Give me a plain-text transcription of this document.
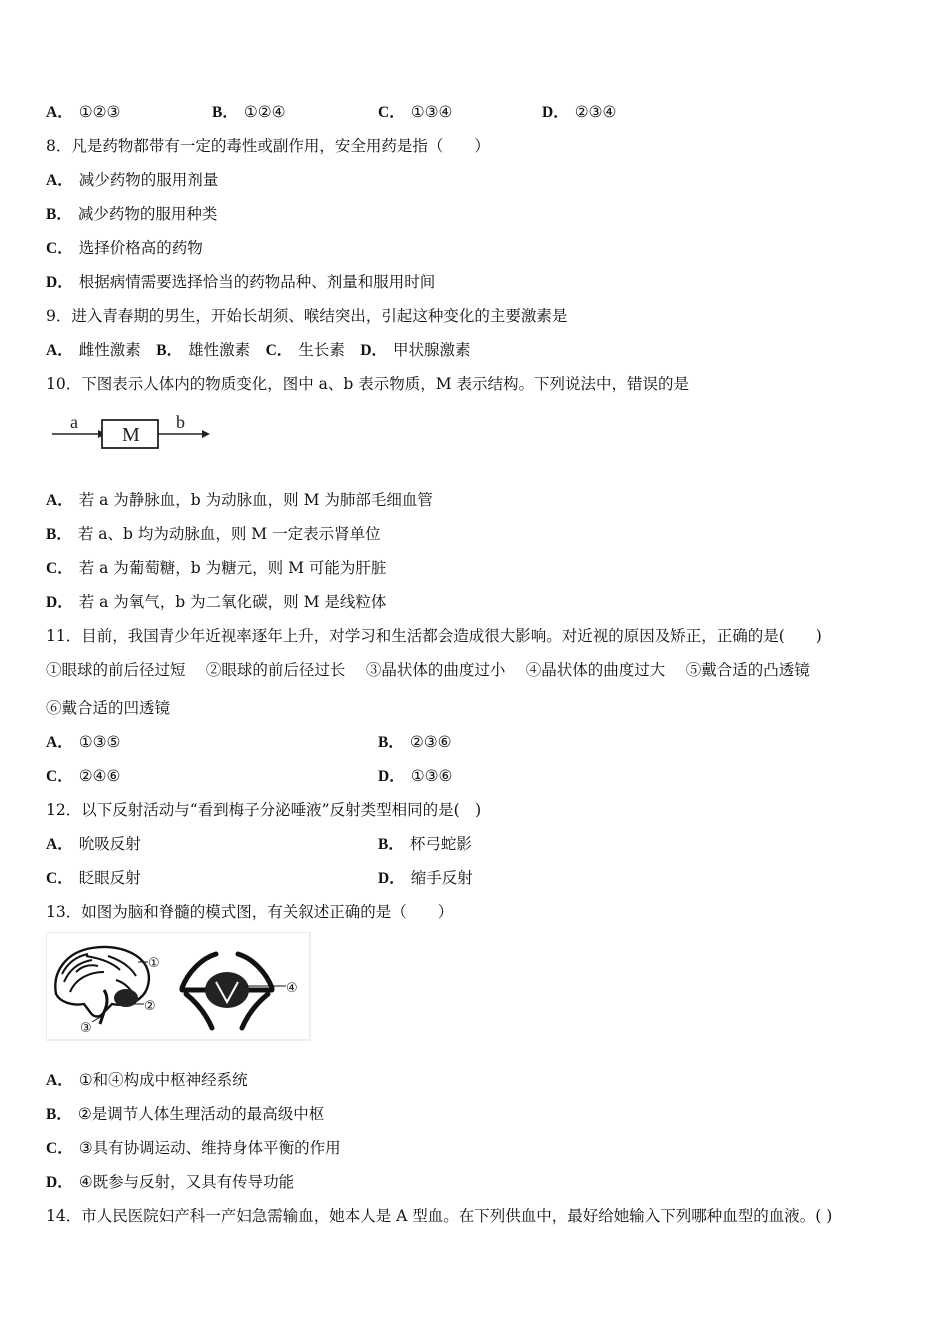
A． ①②③	B． ①②④	C． ①③④	D． ②③④
8．凡是药物都带有一定的毒性或副作用，安全用药是指（　　）
A． 减少药物的服用剂量
B． 减少药物的服用种类
C． 选择价格高的药物
D． 根据病情需要选择恰当的药物品种、剂量和服用时间
9．进入青春期的男生，开始长胡须、喉结突出，引起这种变化的主要激素是
A． 雌性激素　 B． 雄性激素　 C． 生长素　 D． 甲状腺激素
10．下图表示人体内的物质变化，图中 a、b 表示物质，M 表示结构。下列说法中，错误的是
a
M
b
A． 若 a 为静脉血，b 为动脉血，则 M 为肺部毛细血管
B． 若 a、b 均为动脉血，则 M 一定表示肾单位
C． 若 a 为葡萄糖，b 为糖元，则 M 可能为肝脏
D． 若 a 为氧气，b 为二氧化碳，则 M 是线粒体
11．目前，我国青少年近视率逐年上升，对学习和生活都会造成很大影响。对近视的原因及矫正，正确的是(　　)
①眼球的前后径过短　 ②眼球的前后径过长　 ③晶状体的曲度过小　 ④晶状体的曲度过大　 ⑤戴合适的凸透镜
⑥戴合适的凹透镜
A． ①③⑤	B． ②③⑥
C． ②④⑥	D． ①③⑥
12．以下反射活动与“看到梅子分泌唾液”反射类型相同的是(　)
A． 吮吸反射	B． 杯弓蛇影
C． 眨眼反射	D． 缩手反射
13．如图为脑和脊髓的模式图，有关叙述正确的是（　　）
①
②
③
④
A． ①和④构成中枢神经系统
B． ②是调节人体生理活动的最高级中枢
C． ③具有协调运动、维持身体平衡的作用
D． ④既参与反射，又具有传导功能
14．市人民医院妇产科一产妇急需输血，她本人是 A 型血。在下列供血中，最好给她输入下列哪种血型的血液。( )
